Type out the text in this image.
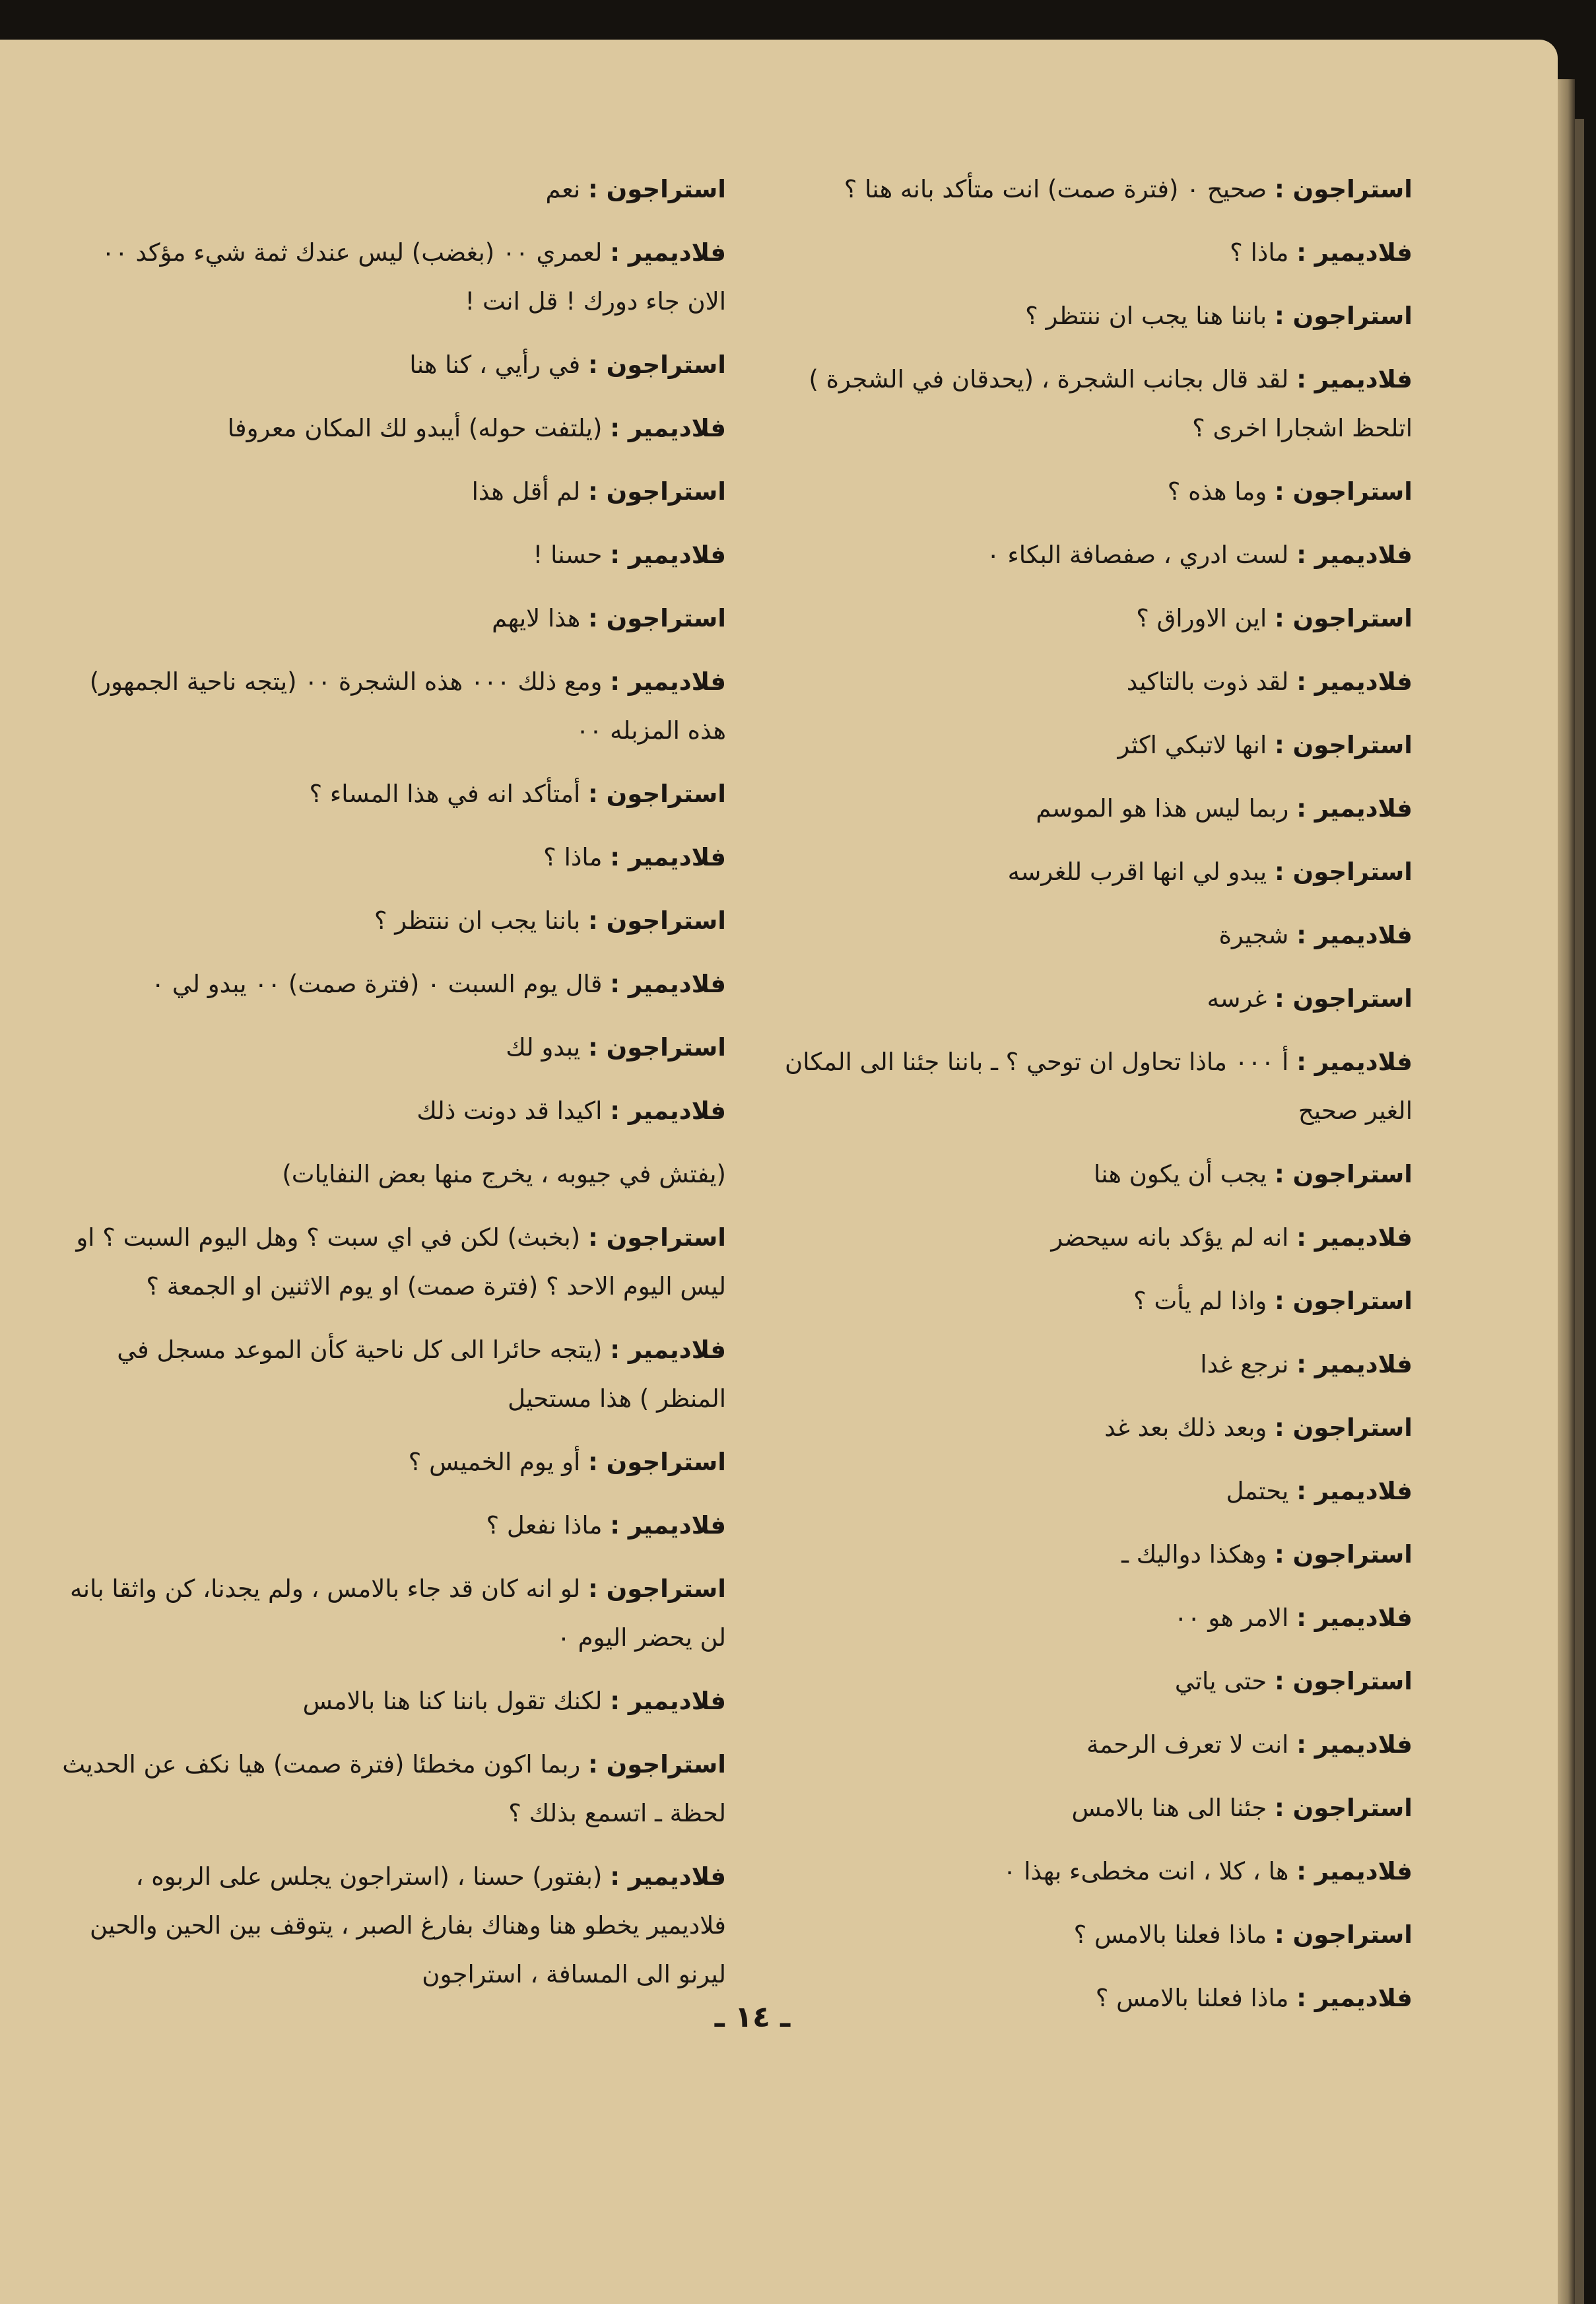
استراجون : صحيح ٠ (فترة صمت) انت متأكد بانه هنا ؟
فلاديمير : ماذا ؟
استراجون : باننا هنا يجب ان ننتظر ؟
فلاديمير : لقد قال بجانب الشجرة ، (يحدقان في الشجرة ) اتلحظ اشجارا اخرى ؟
استراجون : وما هذه ؟
فلاديمير : لست ادري ، صفصافة البكاء ٠
استراجون : اين الاوراق ؟
فلاديمير : لقد ذوت بالتاكيد
استراجون : انها لاتبكي اكثر
فلاديمير : ربما ليس هذا هو الموسم
استراجون : يبدو لي انها اقرب للغرسه
فلاديمير : شجيرة
استراجون : غرسه
فلاديمير : أ ٠٠٠ ماذا تحاول ان توحي ؟ ـ باننا جئنا الى المكان الغير صحيح
استراجون : يجب أن يكون هنا
فلاديمير : انه لم يؤكد بانه سيحضر
استراجون : واذا لم يأت ؟
فلاديمير : نرجع غدا
استراجون : وبعد ذلك بعد غد
فلاديمير : يحتمل
استراجون : وهكذا دواليك ـ
فلاديمير : الامر هو ٠٠
استراجون : حتى ياتي
فلاديمير : انت لا تعرف الرحمة
استراجون : جئنا الى هنا بالامس
فلاديمير : ها ، كلا ، انت مخطىء بهذا ٠
استراجون : ماذا فعلنا بالامس ؟
فلاديمير : ماذا فعلنا بالامس ؟
استراجون : نعم
فلاديمير : لعمري ٠٠ (بغضب) ليس عندك ثمة شيء مؤكد ٠٠ الان جاء دورك ! قل انت !
استراجون : في رأيي ، كنا هنا
فلاديمير : (يلتفت حوله) أيبدو لك المكان معروفا
استراجون : لم أقل هذا
فلاديمير : حسنا !
استراجون : هذا لايهم
فلاديمير : ومع ذلك ٠٠٠ هذه الشجرة ٠٠ (يتجه ناحية الجمهور) هذه المزبله ٠٠
استراجون : أمتأكد انه في هذا المساء ؟
فلاديمير : ماذا ؟
استراجون : باننا يجب ان ننتظر ؟
فلاديمير : قال يوم السبت ٠ (فترة صمت) ٠٠ يبدو لي ٠
استراجون : يبدو لك
فلاديمير : اكيدا قد دونت ذلك
(يفتش في جيوبه ، يخرج منها بعض النفايات)
استراجون : (بخبث) لكن في اي سبت ؟ وهل اليوم السبت ؟ او ليس اليوم الاحد ؟ (فترة صمت) او يوم الاثنين او الجمعة ؟
فلاديمير : (يتجه حائرا الى كل ناحية كأن الموعد مسجل في المنظر ) هذا مستحيل
استراجون : أو يوم الخميس ؟
فلاديمير : ماذا نفعل ؟
استراجون : لو انه كان قد جاء بالامس ، ولم يجدنا، كن واثقا بانه لن يحضر اليوم ٠
فلاديمير : لكنك تقول باننا كنا هنا بالامس
استراجون : ربما اكون مخطئا (فترة صمت) هيا نكف عن الحديث لحظة ـ اتسمع بذلك ؟
فلاديمير : (بفتور) حسنا ، (استراجون يجلس على الربوه ، فلاديمير يخطو هنا وهناك بفارغ الصبر ، يتوقف بين الحين والحين ليرنو الى المسافة ، استراجون
ـ ١٤ ـ
